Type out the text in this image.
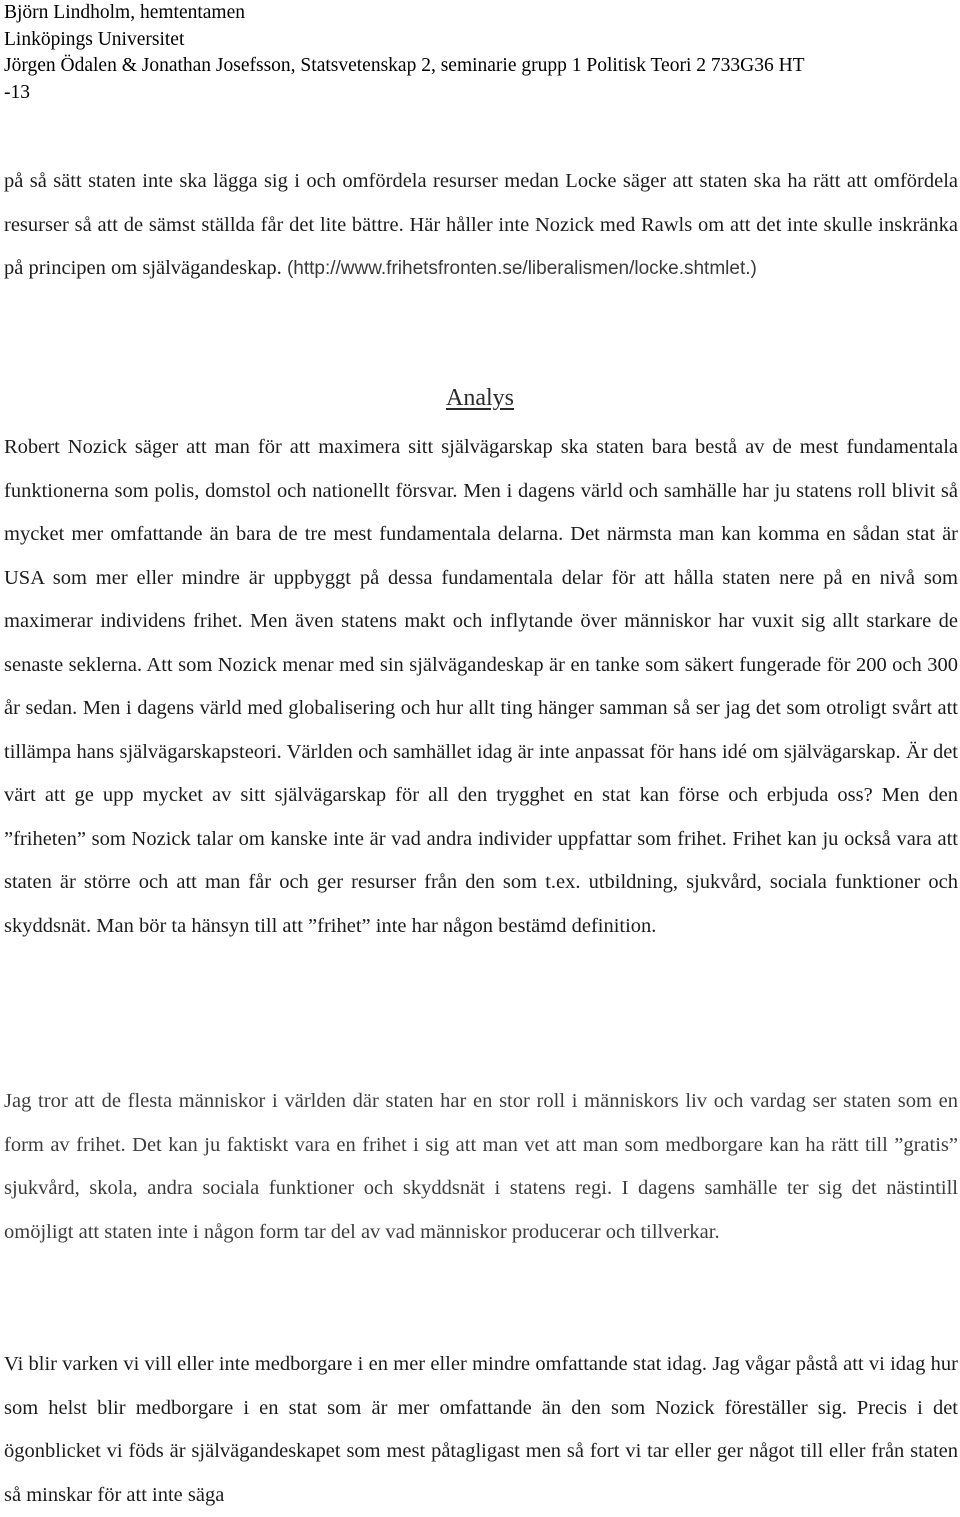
Björn Lindholm, hemtentamen
Linköpings Universitet
Jörgen Ödalen & Jonathan Josefsson, Statsvetenskap 2, seminarie grupp 1 Politisk Teori 2 733G36 HT
-13
på så sätt staten inte ska lägga sig i och omfördela resurser medan Locke säger att staten ska ha rätt att omfördela resurser så att de sämst ställda får det lite bättre. Här håller inte Nozick med Rawls om att det inte skulle inskränka på principen om självägandeskap. (http://www.frihetsfronten.se/liberalismen/locke.shtmlet.)
Analys
Robert Nozick säger att man för att maximera sitt självägarskap ska staten bara bestå av de mest fundamentala funktionerna som polis, domstol och nationellt försvar. Men i dagens värld och samhälle har ju statens roll blivit så mycket mer omfattande än bara de tre mest fundamentala delarna. Det närmsta man kan komma en sådan stat är USA som mer eller mindre är uppbyggt på dessa fundamentala delar för att hålla staten nere på en nivå som maximerar individens frihet. Men även statens makt och inflytande över människor har vuxit sig allt starkare de senaste seklerna. Att som Nozick menar med sin självägandeskap är en tanke som säkert fungerade för 200 och 300 år sedan. Men i dagens värld med globalisering och hur allt ting hänger samman så ser jag det som otroligt svårt att tillämpa hans självägarskapsteori. Världen och samhället idag är inte anpassat för hans idé om självägarskap. Är det värt att ge upp mycket av sitt självägarskap för all den trygghet en stat kan förse och erbjuda oss? Men den ”friheten” som Nozick talar om kanske inte är vad andra individer uppfattar som frihet. Frihet kan ju också vara att staten är större och att man får och ger resurser från den som t.ex. utbildning, sjukvård, sociala funktioner och skyddsnät. Man bör ta hänsyn till att ”frihet” inte har någon bestämd definition.
Jag tror att de flesta människor i världen där staten har en stor roll i människors liv och vardag ser staten som en form av frihet. Det kan ju faktiskt vara en frihet i sig att man vet att man som medborgare kan ha rätt till ”gratis” sjukvård, skola, andra sociala funktioner och skyddsnät i statens regi. I dagens samhälle ter sig det nästintill omöjligt att staten inte i någon form tar del av vad människor producerar och tillverkar.
Vi blir varken vi vill eller inte medborgare i en mer eller mindre omfattande stat idag. Jag vågar påstå att vi idag hur som helst blir medborgare i en stat som är mer omfattande än den som Nozick föreställer sig. Precis i det ögonblicket vi föds är självägandeskapet som mest påtagligast men så fort vi tar eller ger något till eller från staten så minskar för att inte säga
